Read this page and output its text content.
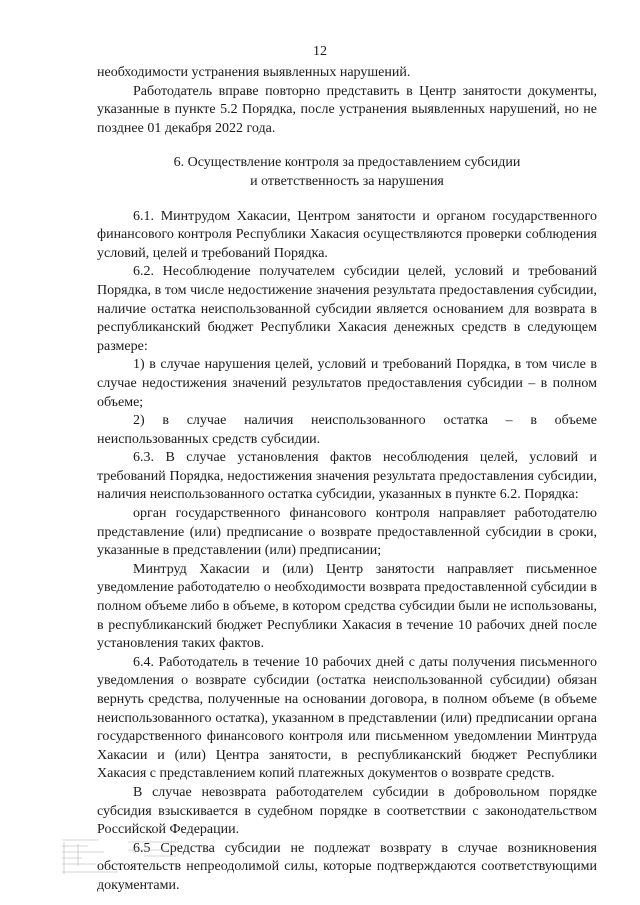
12

необходимости устранения выявленных нарушений.

Работодатель вправе повторно представить в Центр занятости документы, указанные в пункте 5.2 Порядка, после устранения выявленных нарушений, но не позднее 01 декабря 2022 года.

6. Осуществление контроля за предоставлением субсидии
и ответственность за нарушения

6.1. Минтрудом Хакасии, Центром занятости и органом государственного финансового контроля Республики Хакасия осуществляются проверки соблюдения условий, целей и требований Порядка.

6.2. Несоблюдение получателем субсидии целей, условий и требований Порядка, в том числе недостижение значения результата предоставления субсидии, наличие остатка неиспользованной субсидии является основанием для возврата в республиканский бюджет Республики Хакасия денежных средств в следующем размере:

1) в случае нарушения целей, условий и требований Порядка, в том числе в случае недостижения значений результатов предоставления субсидии – в полном объеме;

2) в случае наличия неиспользованного остатка – в объеме неиспользованных средств субсидии.

6.3. В случае установления фактов несоблюдения целей, условий и требований Порядка, недостижения значения результата предоставления субсидии, наличия неиспользованного остатка субсидии, указанных в пункте 6.2. Порядка:

орган государственного финансового контроля направляет работодателю представление (или) предписание о возврате предоставленной субсидии в сроки, указанные в представлении (или) предписании;

Минтруд Хакасии и (или) Центр занятости направляет письменное уведомление работодателю о необходимости возврата предоставленной субсидии в полном объеме либо в объеме, в котором средства субсидии были не использованы, в республиканский бюджет Республики Хакасия в течение 10 рабочих дней после установления таких фактов.

6.4. Работодатель в течение 10 рабочих дней с даты получения письменного уведомления о возврате субсидии (остатка неиспользованной субсидии) обязан вернуть средства, полученные на основании договора, в полном объеме (в объеме неиспользованного остатка), указанном в представлении (или) предписании органа государственного финансового контроля или письменном уведомлении Минтруда Хакасии и (или) Центра занятости, в республиканский бюджет Республики Хакасия с представлением копий платежных документов о возврате средств.

В случае невозврата работодателем субсидии в добровольном порядке субсидия взыскивается в судебном порядке в соответствии с законодательством Российской Федерации.

6.5 Средства субсидии не подлежат возврату в случае возникновения обстоятельств непреодолимой силы, которые подтверждаются соответствующими документами.
